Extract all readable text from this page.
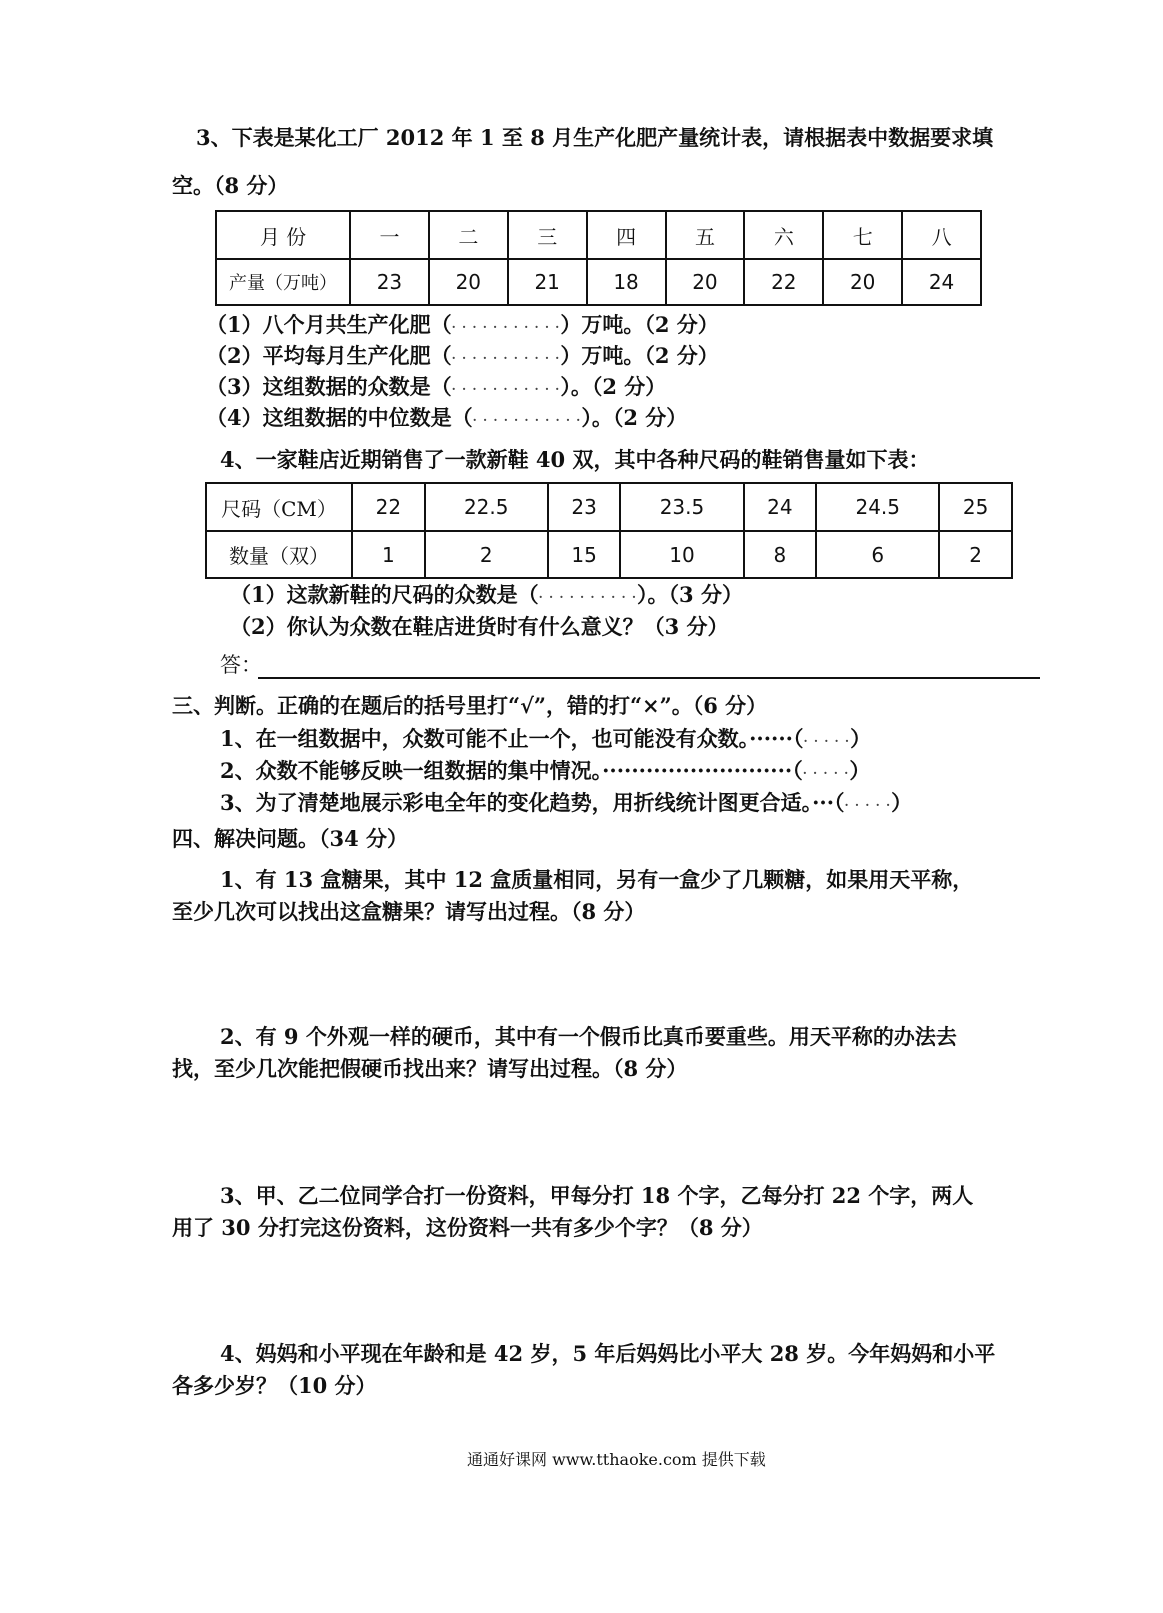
3、下表是某化工厂 2012 年 1 至 8 月生产化肥产量统计表，请根据表中数据要求填
空。（8 分）
月 份	一	二	三	四	五	六	七	八
产量（万吨）	23	20	21	18	20	22	20	24
（1）八个月共生产化肥（· · · · · · · · · · ·）万吨。（2 分）
（2）平均每月生产化肥（· · · · · · · · · · ·）万吨。（2 分）
（3）这组数据的众数是（· · · · · · · · · · ·）。（2 分）
（4）这组数据的中位数是（· · · · · · · · · · ·）。（2 分）
4、一家鞋店近期销售了一款新鞋 40 双，其中各种尺码的鞋销售量如下表：
尺码（CM）	22	22.5	23	23.5	24	24.5	25
数量（双）	1	2	15	10	8	6	2
（1）这款新鞋的尺码的众数是（· · · · · · · · · ·）。（3 分）
（2）你认为众数在鞋店进货时有什么意义？（3 分）
答：
三、判断。正确的在题后的括号里打“√”，错的打“×”。（6 分）
1、在一组数据中，众数可能不止一个，也可能没有众数。······（· · · · ·）
2、众数不能够反映一组数据的集中情况。··························（· · · · ·）
3、为了清楚地展示彩电全年的变化趋势，用折线统计图更合适。···（· · · · ·）
四、解决问题。（34 分）
1、有 13 盒糖果，其中 12 盒质量相同，另有一盒少了几颗糖，如果用天平称，
至少几次可以找出这盒糖果？请写出过程。（8 分）
2、有 9 个外观一样的硬币，其中有一个假币比真币要重些。用天平称的办法去
找，至少几次能把假硬币找出来？请写出过程。（8 分）
3、甲、乙二位同学合打一份资料，甲每分打 18 个字，乙每分打 22 个字，两人
用了 30 分打完这份资料，这份资料一共有多少个字？（8 分）
4、妈妈和小平现在年龄和是 42 岁，5 年后妈妈比小平大 28 岁。今年妈妈和小平
各多少岁？（10 分）
通通好课网 www.tthaoke.com 提供下载
